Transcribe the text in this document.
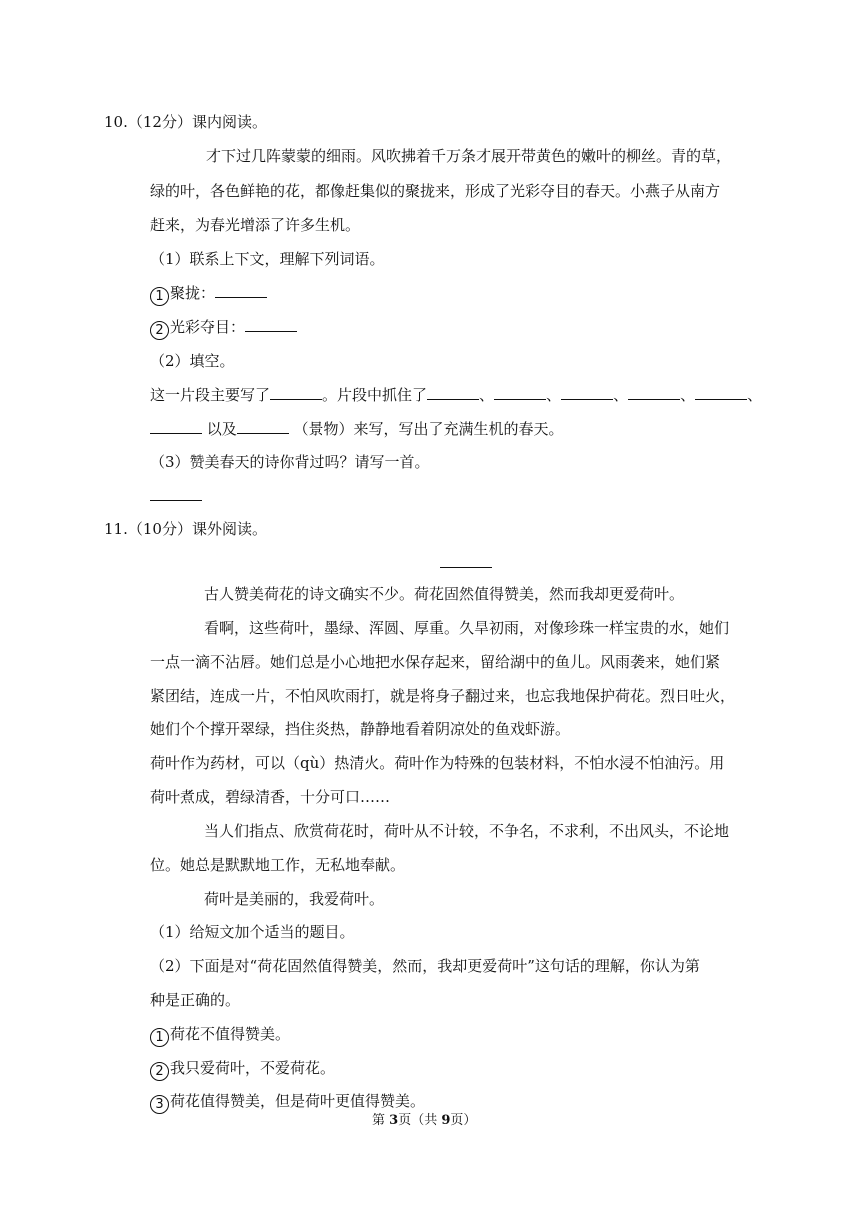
10.（12分）课内阅读。
才下过几阵蒙蒙的细雨。风吹拂着千万条才展开带黄色的嫩叶的柳丝。青的草，
绿的叶，各色鲜艳的花，都像赶集似的聚拢来，形成了光彩夺目的春天。小燕子从南方
赶来，为春光增添了许多生机。
（1）联系上下文，理解下列词语。
1 聚拢：
2 光彩夺目：
（2）填空。
这一片段主要写了	。片段中抓住了	、	、	、	、	、
以及	（景物）来写，写出了充满生机的春天。
（3）赞美春天的诗你背过吗？请写一首。
11.（10分）课外阅读。
古人赞美荷花的诗文确实不少。荷花固然值得赞美，然而我却更爱荷叶。
看啊，这些荷叶，墨绿、浑圆、厚重。久旱初雨，对像珍珠一样宝贵的水，她们
一点一滴不沾唇。她们总是小心地把水保存起来，留给湖中的鱼儿。风雨袭来，她们紧
紧团结，连成一片，不怕风吹雨打，就是将身子翻过来，也忘我地保护荷花。烈日吐火，
她们个个撑开翠绿，挡住炎热，静静地看着阴凉处的鱼戏虾游。
荷叶作为药材，可以（qù）热清火。荷叶作为特殊的包装材料，不怕水浸不怕油污。用
荷叶煮成，碧绿清香，十分可口……
当人们指点、欣赏荷花时，荷叶从不计较，不争名，不求利，不出风头，不论地
位。她总是默默地工作，无私地奉献。
荷叶是美丽的，我爱荷叶。
（1）给短文加个适当的题目。
（2）下面是对“荷花固然值得赞美，然而，我却更爱荷叶”这句话的理解，你认为第
种是正确的。
1 荷花不值得赞美。
2 我只爱荷叶，不爱荷花。
3 荷花值得赞美，但是荷叶更值得赞美。
第 3页（共 9页）
